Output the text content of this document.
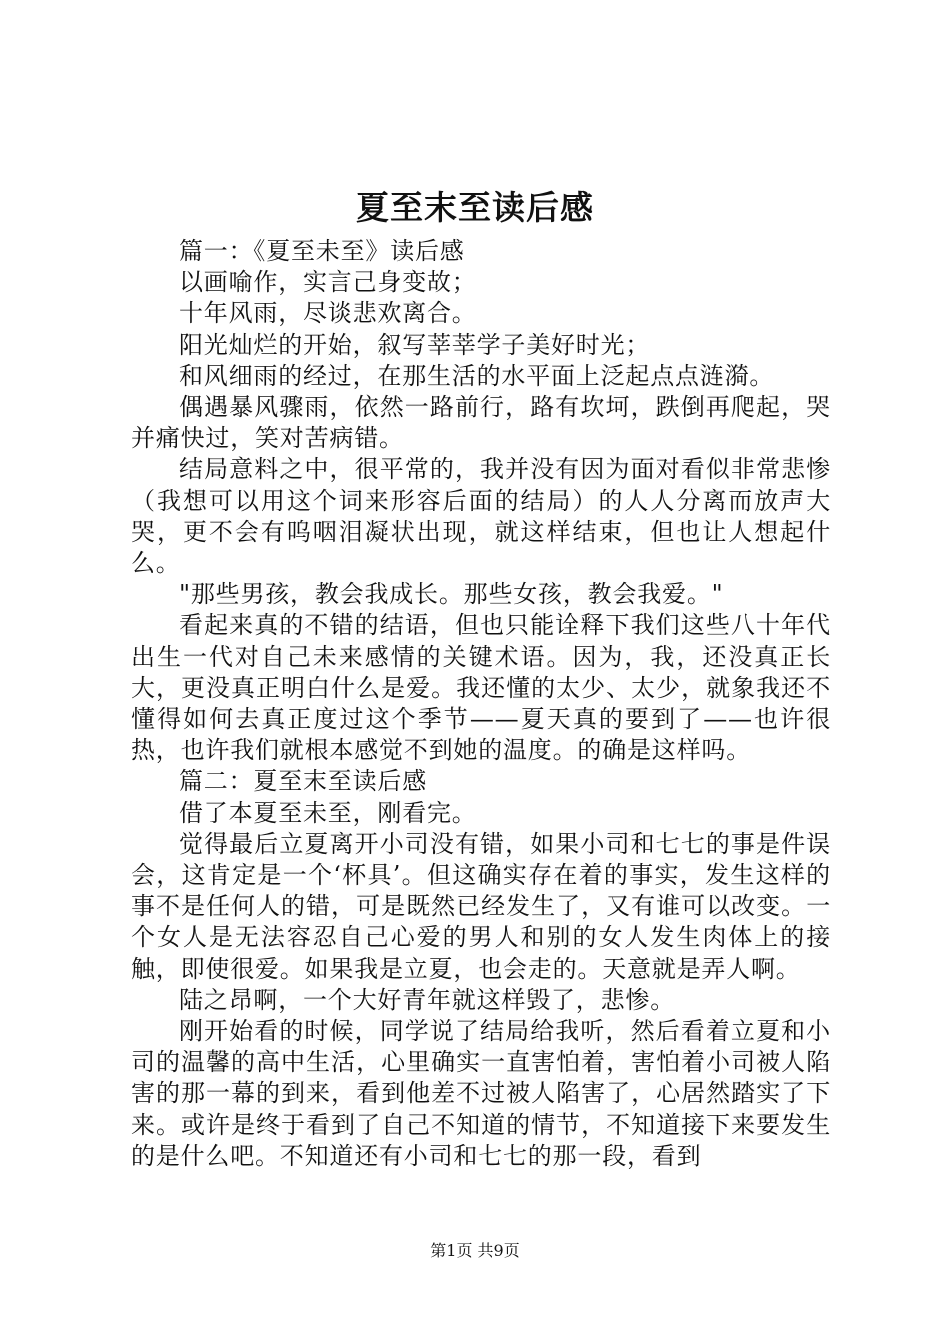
夏至末至读后感

篇一：《夏至未至》读后感

以画喻作，实言己身变故；

十年风雨，尽谈悲欢离合。

阳光灿烂的开始，叙写莘莘学子美好时光；

和风细雨的经过，在那生活的水平面上泛起点点涟漪。

偶遇暴风骤雨，依然一路前行，路有坎坷，跌倒再爬起，哭并痛快过，笑对苦病错。

结局意料之中，很平常的，我并没有因为面对看似非常悲惨（我想可以用这个词来形容后面的结局）的人人分离而放声大哭，更不会有呜咽泪凝状出现，就这样结束，但也让人想起什么。

"那些男孩，教会我成长。那些女孩，教会我爱。"

看起来真的不错的结语，但也只能诠释下我们这些八十年代出生一代对自己未来感情的关键术语。因为，我，还没真正长大，更没真正明白什么是爱。我还懂的太少、太少，就象我还不懂得如何去真正度过这个季节——夏天真的要到了——也许很热，也许我们就根本感觉不到她的温度。的确是这样吗。

篇二：夏至末至读后感

借了本夏至未至，刚看完。

觉得最后立夏离开小司没有错，如果小司和七七的事是件误会，这肯定是一个‘杯具’。但这确实存在着的事实，发生这样的事不是任何人的错，可是既然已经发生了，又有谁可以改变。一个女人是无法容忍自己心爱的男人和别的女人发生肉体上的接触，即使很爱。如果我是立夏，也会走的。天意就是弄人啊。

陆之昂啊，一个大好青年就这样毁了，悲惨。

刚开始看的时候，同学说了结局给我听，然后看着立夏和小司的温馨的高中生活，心里确实一直害怕着，害怕着小司被人陷害的那一幕的到来，看到他差不过被人陷害了，心居然踏实了下来。或许是终于看到了自己不知道的情节，不知道接下来要发生的是什么吧。不知道还有小司和七七的那一段，看到

第1页 共9页
